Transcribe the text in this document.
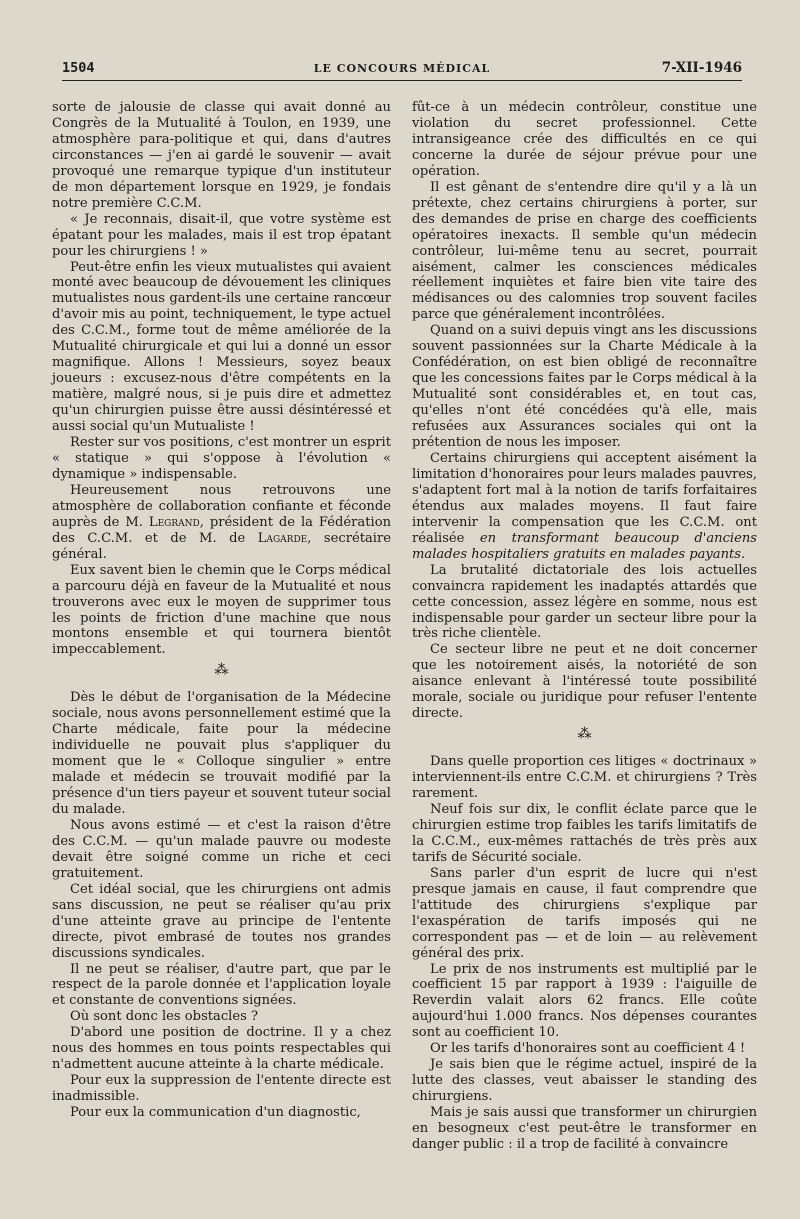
1504	LE CONCOURS MÉDICAL	7-XII-1946

sorte de jalousie de classe qui avait donné au Congrès de la Mutualité à Toulon, en 1939, une atmosphère para-politique et qui, dans d'autres circonstances — j'en ai gardé le souvenir — avait provoqué une remarque typique d'un instituteur de mon département lorsque en 1929, je fondais notre première C.C.M.

« Je reconnais, disait-il, que votre système est épatant pour les malades, mais il est trop épatant pour les chirurgiens ! »

Peut-être enfin les vieux mutualistes qui avaient monté avec beaucoup de dévouement les cliniques mutualistes nous gardent-ils une certaine rancœur d'avoir mis au point, techniquement, le type actuel des C.C.M., forme tout de même améliorée de la Mutualité chirurgicale et qui lui a donné un essor magnifique. Allons ! Messieurs, soyez beaux joueurs : excusez-nous d'être compétents en la matière, malgré nous, si je puis dire et admettez qu'un chirurgien puisse être aussi désintéressé et aussi social qu'un Mutualiste !

Rester sur vos positions, c'est montrer un esprit « statique » qui s'oppose à l'évolution « dynamique » indispensable.

Heureusement nous retrouvons une atmosphère de collaboration confiante et féconde auprès de M. Legrand, président de la Fédération des C.C.M. et de M. de Lagarde, secrétaire général.

Eux savent bien le chemin que le Corps médical a parcouru déjà en faveur de la Mutualité et nous trouverons avec eux le moyen de supprimer tous les points de friction d'une machine que nous montons ensemble et qui tournera bientôt impeccablement.

⁂

Dès le début de l'organisation de la Médecine sociale, nous avons personnellement estimé que la Charte médicale, faite pour la médecine individuelle ne pouvait plus s'appliquer du moment que le « Colloque singulier » entre malade et médecin se trouvait modifié par la présence d'un tiers payeur et souvent tuteur social du malade.

Nous avons estimé — et c'est la raison d'être des C.C.M. — qu'un malade pauvre ou modeste devait être soigné comme un riche et ceci gratuitement.

Cet idéal social, que les chirurgiens ont admis sans discussion, ne peut se réaliser qu'au prix d'une atteinte grave au principe de l'entente directe, pivot embrasé de toutes nos grandes discussions syndicales.

Il ne peut se réaliser, d'autre part, que par le respect de la parole donnée et l'application loyale et constante de conventions signées.

Où sont donc les obstacles ?

D'abord une position de doctrine. Il y a chez nous des hommes en tous points respectables qui n'admettent aucune atteinte à la charte médicale.

Pour eux la suppression de l'entente directe est inadmissible.

Pour eux la communication d'un diagnostic,

fût-ce à un médecin contrôleur, constitue une violation du secret professionnel. Cette intransigeance crée des difficultés en ce qui concerne la durée de séjour prévue pour une opération.

Il est gênant de s'entendre dire qu'il y a là un prétexte, chez certains chirurgiens à porter, sur des demandes de prise en charge des coefficients opératoires inexacts. Il semble qu'un médecin contrôleur, lui-même tenu au secret, pourrait aisément, calmer les consciences médicales réellement inquiètes et faire bien vite taire des médisances ou des calomnies trop souvent faciles parce que généralement incontrôlées.

Quand on a suivi depuis vingt ans les discussions souvent passionnées sur la Charte Médicale à la Confédération, on est bien obligé de reconnaître que les concessions faites par le Corps médical à la Mutualité sont considérables et, en tout cas, qu'elles n'ont été concédées qu'à elle, mais refusées aux Assurances sociales qui ont la prétention de nous les imposer.

Certains chirurgiens qui acceptent aisément la limitation d'honoraires pour leurs malades pauvres, s'adaptent fort mal à la notion de tarifs forfaitaires étendus aux malades moyens. Il faut faire intervenir la compensation que les C.C.M. ont réalisée en transformant beaucoup d'anciens malades hospitaliers gratuits en malades payants.

La brutalité dictatoriale des lois actuelles convaincra rapidement les inadaptés attardés que cette concession, assez légère en somme, nous est indispensable pour garder un secteur libre pour la très riche clientèle.

Ce secteur libre ne peut et ne doit concerner que les notoirement aisés, la notoriété de son aisance enlevant à l'intéressé toute possibilité morale, sociale ou juridique pour refuser l'entente directe.

⁂

Dans quelle proportion ces litiges « doctrinaux » interviennent-ils entre C.C.M. et chirurgiens ? Très rarement.

Neuf fois sur dix, le conflit éclate parce que le chirurgien estime trop faibles les tarifs limitatifs de la C.C.M., eux-mêmes rattachés de très près aux tarifs de Sécurité sociale.

Sans parler d'un esprit de lucre qui n'est presque jamais en cause, il faut comprendre que l'attitude des chirurgiens s'explique par l'exaspération de tarifs imposés qui ne correspondent pas — et de loin — au relèvement général des prix.

Le prix de nos instruments est multiplié par le coefficient 15 par rapport à 1939 : l'aiguille de Reverdin valait alors 62 francs. Elle coûte aujourd'hui 1.000 francs. Nos dépenses courantes sont au coefficient 10.

Or les tarifs d'honoraires sont au coefficient 4 !

Je sais bien que le régime actuel, inspiré de la lutte des classes, veut abaisser le standing des chirurgiens.

Mais je sais aussi que transformer un chirurgien en besogneux c'est peut-être le transformer en danger public : il a trop de facilité à convaincre
